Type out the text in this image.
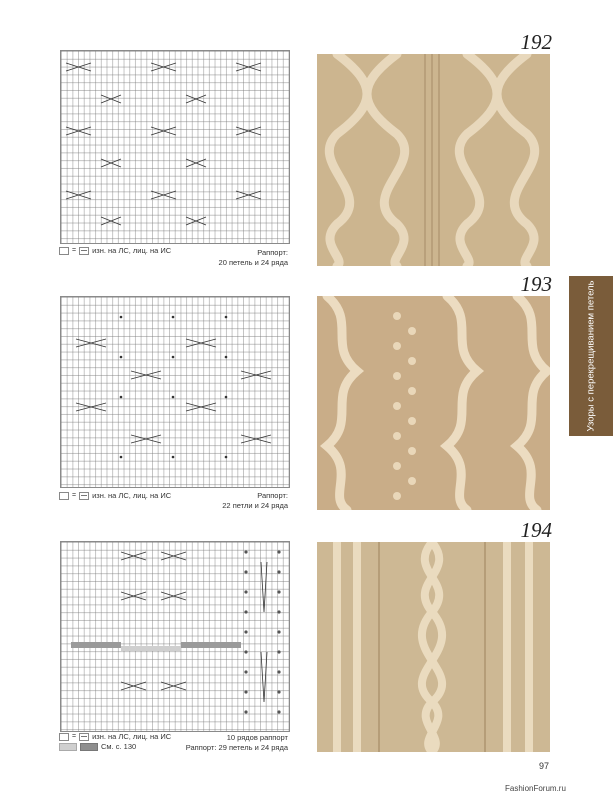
192
= изн. на ЛС, лиц. на ИС	Раппорт:
20 петель и 24 ряда
193
= изн. на ЛС, лиц. на ИС	Раппорт:
22 петли и 24 ряда
Узоры с перекрещиванием петель
194
= изн. на ЛС, лиц. на ИС
См. с. 130
10 рядов раппорт
Раппорт: 29 петель и 24 ряда
97
FashionForum.ru
